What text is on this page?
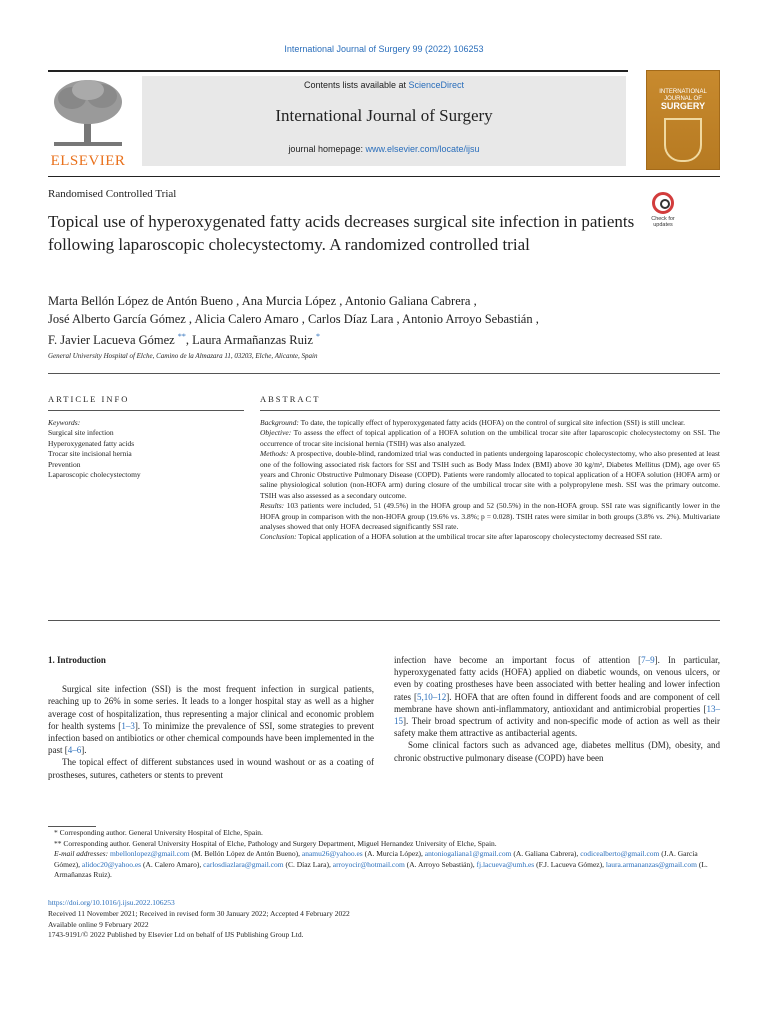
International Journal of Surgery 99 (2022) 106253
ELSEVIER
Contents lists available at ScienceDirect
International Journal of Surgery
journal homepage: www.elsevier.com/locate/ijsu
INTERNATIONAL
JOURNAL OF
SURGERY
Randomised Controlled Trial
Topical use of hyperoxygenated fatty acids decreases surgical site infection in patients following laparoscopic cholecystectomy. A randomized controlled trial
Check for updates
Marta Bellón López de Antón Bueno , Ana Murcia López , Antonio Galiana Cabrera ,
José Alberto García Gómez , Alicia Calero Amaro , Carlos Díaz Lara , Antonio Arroyo Sebastián ,
F. Javier Lacueva Gómez **, Laura Armañanzas Ruiz *
General University Hospital of Elche, Camino de la Almazara 11, 03203, Elche, Alicante, Spain
ARTICLE INFO	ABSTRACT
Keywords:
Surgical site infection
Hyperoxygenated fatty acids
Trocar site incisional hernia
Prevention
Laparoscopic cholecystectomy

Background: To date, the topically effect of hyperoxygenated fatty acids (HOFA) on the control of surgical site infection (SSI) is still unclear.

Objective: To assess the effect of topical application of a HOFA solution on the umbilical trocar site after laparoscopic cholecystectomy on SSI. The occurrence of trocar site incisional hernia (TSIH) was also analyzed.

Methods: A prospective, double-blind, randomized trial was conducted in patients undergoing laparoscopic cholecystectomy, who also presented at least one of the following associated risk factors for SSI and TSIH such as Body Mass Index (BMI) above 30 kg/m², Diabetes Mellitus (DM), age over 65 years and Chronic Obstructive Pulmonary Disease (COPD). Patients were randomly allocated to topical application of a HOFA solution (HOFA arm) or saline physiological solution (non-HOFA arm) during closure of the umbilical trocar site with a polypropylene mesh. SSI was the primary outcome. TSIH was also assessed as a secondary outcome.

Results: 103 patients were included, 51 (49.5%) in the HOFA group and 52 (50.5%) in the non-HOFA group. SSI rate was significantly lower in the HOFA group in comparison with the non-HOFA group (19.6% vs. 3.8%; p = 0.028). TSIH rates were similar in both groups (3.8% vs. 2%). Multivariate analyses showed that only HOFA decreased significantly SSI rate.

Conclusion: Topical application of a HOFA solution at the umbilical trocar site after laparoscopy cholecystectomy decreased SSI rate.

1. Introduction

Surgical site infection (SSI) is the most frequent infection in surgical patients, reaching up to 26% in some series. It leads to a longer hospital stay as well as a higher average cost of hospitalization, thus representing a major clinical and economic problem for health systems [1–3]. To minimize the prevalence of SSI, some strategies to prevent infection based on antibiotics or other chemical compounds have been implemented in the past [4–6].

The topical effect of different substances used in wound washout or as a coating of prostheses, sutures, catheters or stents to prevent

infection have become an important focus of attention [7–9]. In particular, hyperoxygenated fatty acids (HOFA) applied on diabetic wounds, on venous ulcers, or even by coating prostheses have been associated with better healing and lower infection rates [5,10–12]. HOFA that are often found in different foods and are component of cell membrane have shown anti-inflammatory, antioxidant and antimicrobial properties [13–15]. Their broad spectrum of activity and non-specific mode of action as well as their safety make them attractive as antibacterial agents.

Some clinical factors such as advanced age, diabetes mellitus (DM), obesity, and chronic obstructive pulmonary disease (COPD) have been

* Corresponding author. General University Hospital of Elche, Spain.

** Corresponding author. General University Hospital of Elche, Pathology and Surgery Department, Miguel Hernandez University of Elche, Spain.

E-mail addresses: mbellonlopez@gmail.com (M. Bellón López de Antón Bueno), anamu26@yahoo.es (A. Murcia López), antoniogaliana1@gmail.com (A. Galiana Cabrera), codicealberto@gmail.com (J.A. García Gómez), alidoc20@yahoo.es (A. Calero Amaro), carlosdiazlara@gmail.com (C. Díaz Lara), arroyocir@hotmail.com (A. Arroyo Sebastián), fj.lacueva@umh.es (F.J. Lacueva Gómez), laura.armananzas@gmail.com (L. Armañanzas Ruiz).

https://doi.org/10.1016/j.ijsu.2022.106253

Received 11 November 2021; Received in revised form 30 January 2022; Accepted 4 February 2022

Available online 9 February 2022

1743-9191/© 2022 Published by Elsevier Ltd on behalf of IJS Publishing Group Ltd.
